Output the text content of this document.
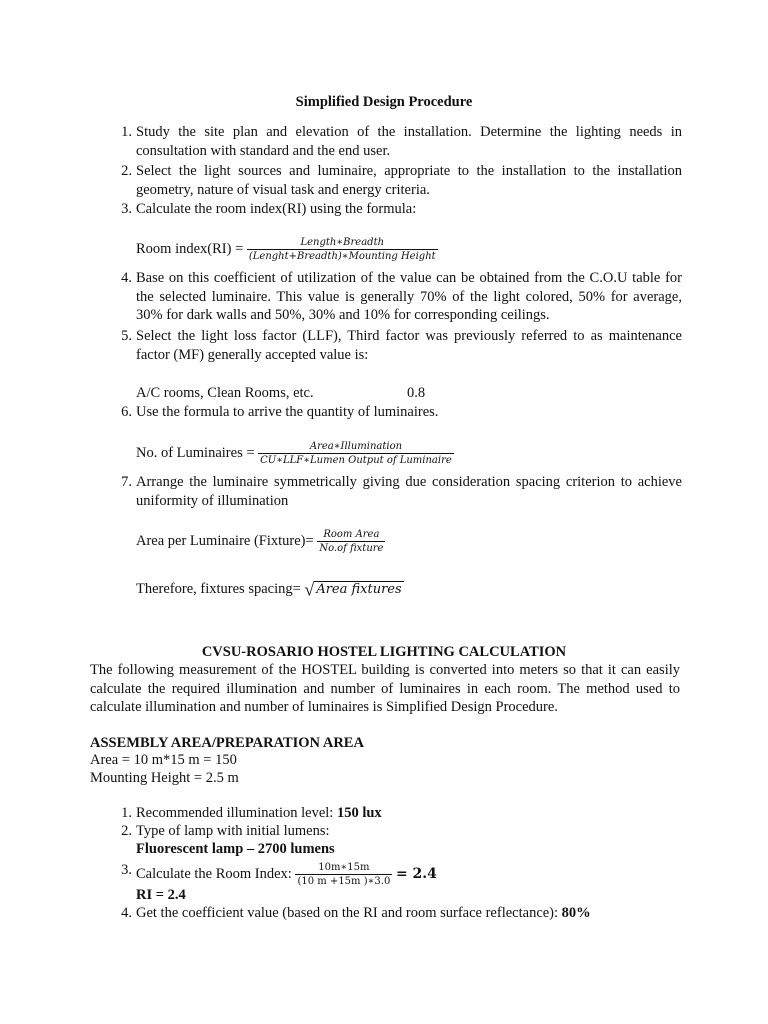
Simplified Design Procedure
1. Study the site plan and elevation of the installation. Determine the lighting needs in consultation with standard and the end user.
2. Select the light sources and luminaire, appropriate to the installation to the installation geometry, nature of visual task and energy criteria.
3. Calculate the room index(RI) using the formula:
Room index(RI) = $\frac{\text{Length∗Breadth}}{\text{(Lenght+Breadth)∗Mounting Height}}$
4. Base on this coefficient of utilization of the value can be obtained from the C.O.U table for the selected luminaire. This value is generally 70% of the light colored, 50% for average, 30% for dark walls and 50%, 30% and 10% for corresponding ceilings.
5. Select the light loss factor (LLF), Third factor was previously referred to as maintenance factor (MF) generally accepted value is:
A/C rooms, Clean Rooms, etc.	0.8
6. Use the formula to arrive the quantity of luminaires.
No. of Luminaires = $\frac{\text{Area∗Illumination}}{\text{CU∗LLF∗Lumen Output of Luminaire}}$
7. Arrange the luminaire symmetrically giving due consideration spacing criterion to achieve uniformity of illumination
Area per Luminaire (Fixture)= $\frac{\text{Room Area}}{\text{No.of fixture}}$
Therefore, fixtures spacing= √ Area fixtures
CVSU-ROSARIO HOSTEL LIGHTING CALCULATION
The following measurement of the HOSTEL building is converted into meters so that it can easily calculate the required illumination and number of luminaires in each room. The method used to calculate illumination and number of luminaires is Simplified Design Procedure.
ASSEMBLY AREA/PREPARATION AREA
Area = 10 m*15 m = 150
Mounting Height = 2.5 m
1. Recommended illumination level: 150 lux
2. Type of lamp with initial lumens:
Fluorescent lamp – 2700 lumens
3. Calculate the Room Index: $\frac{10m∗15m}{(10 m +15m )∗3.0} = 2.4$
RI = 2.4
4. Get the coefficient value (based on the RI and room surface reflectance): 80%
